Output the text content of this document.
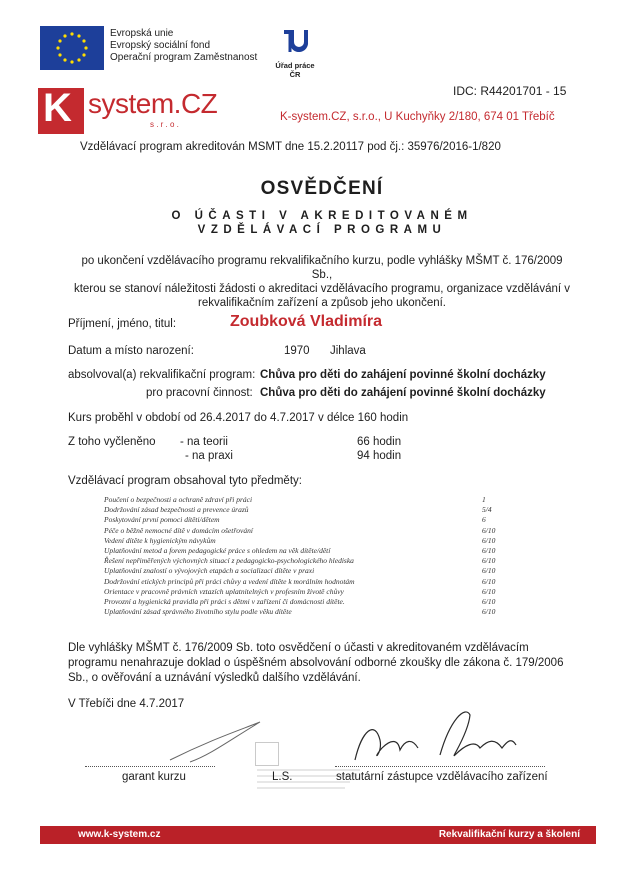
Evropská unie
Evropský sociální fond
Operační program Zaměstnanost
Úřad práce ČR
IDC: R44201701 - 15
K system.CZ
s . r . o .
K-system.CZ, s.r.o., U Kuchyňky 2/180, 674 01 Třebíč
Vzdělávací program akreditován MSMT dne 15.2.20117 pod čj.: 35976/2016-1/820
OSVĚDČENÍ
O ÚČASTI V AKREDITOVANÉM
VZDĚLÁVACÍ PROGRAMU
po ukončení vzdělávacího programu rekvalifikačního kurzu, podle vyhlášky MŠMT č. 176/2009 Sb.,
kterou se stanoví náležitosti žádosti o akreditaci vzdělávacího programu, organizace vzdělávání v
rekvalifikačním zařízení a způsob jeho ukončení.
Příjmení, jméno, titul:	Zoubková Vladimíra
Datum a místo narození:	1970 Jihlava
absolvoval(a) rekvalifikační program: Chůva pro děti do zahájení povinné školní docházky
pro pracovní činnost: Chůva pro děti do zahájení povinné školní docházky
Kurs proběhl v období od 26.4.2017 do 4.7.2017 v délce 160 hodin
Z toho vyčleněno - na teorii	66 hodin
- na praxi	94 hodin
Vzdělávací program obsahoval tyto předměty:
Poučení o bezpečnosti a ochraně zdraví při práci	1
Dodržování zásad bezpečnosti a prevence úrazů	5/4
Poskytování první pomoci dítěti/dětem	6
Péče o běžně nemocné dítě v domácím ošetřování	6/10
Vedení dítěte k hygienickým návykům	6/10
Uplatňování metod a forem pedagogické práce s ohledem na věk dítěte/dětí	6/10
Řešení nepřiměřených výchovných situací z pedagogicko-psychologického hlediska	6/10
Uplatňování znalostí o vývojových etapách a socializaci dítěte v praxi	6/10
Dodržování etických principů při práci chůvy a vedení dítěte k morálním hodnotám	6/10
Orientace v pracovně právních vztazích uplatnitelných v profesním životě chůvy	6/10
Provozní a hygienická pravidla při práci s dětmi v zařízení či domácnosti dítěte.	6/10
Uplatňování zásad správného životního stylu podle věku dítěte	6/10
Dle vyhlášky MŠMT č. 176/2009 Sb. toto osvědčení o účasti v akreditovaném vzdělávacím
programu nenahrazuje doklad o úspěšném absolvování odborné zkoušky dle zákona č. 179/2006
Sb., o ověřování a uznávání výsledků dalšího vzdělávání.
V Třebíči dne 4.7.2017
garant kurzu	L.S.	statutární zástupce vzdělávacího zařízení
www.k-system.cz	Rekvalifikační kurzy a školení
